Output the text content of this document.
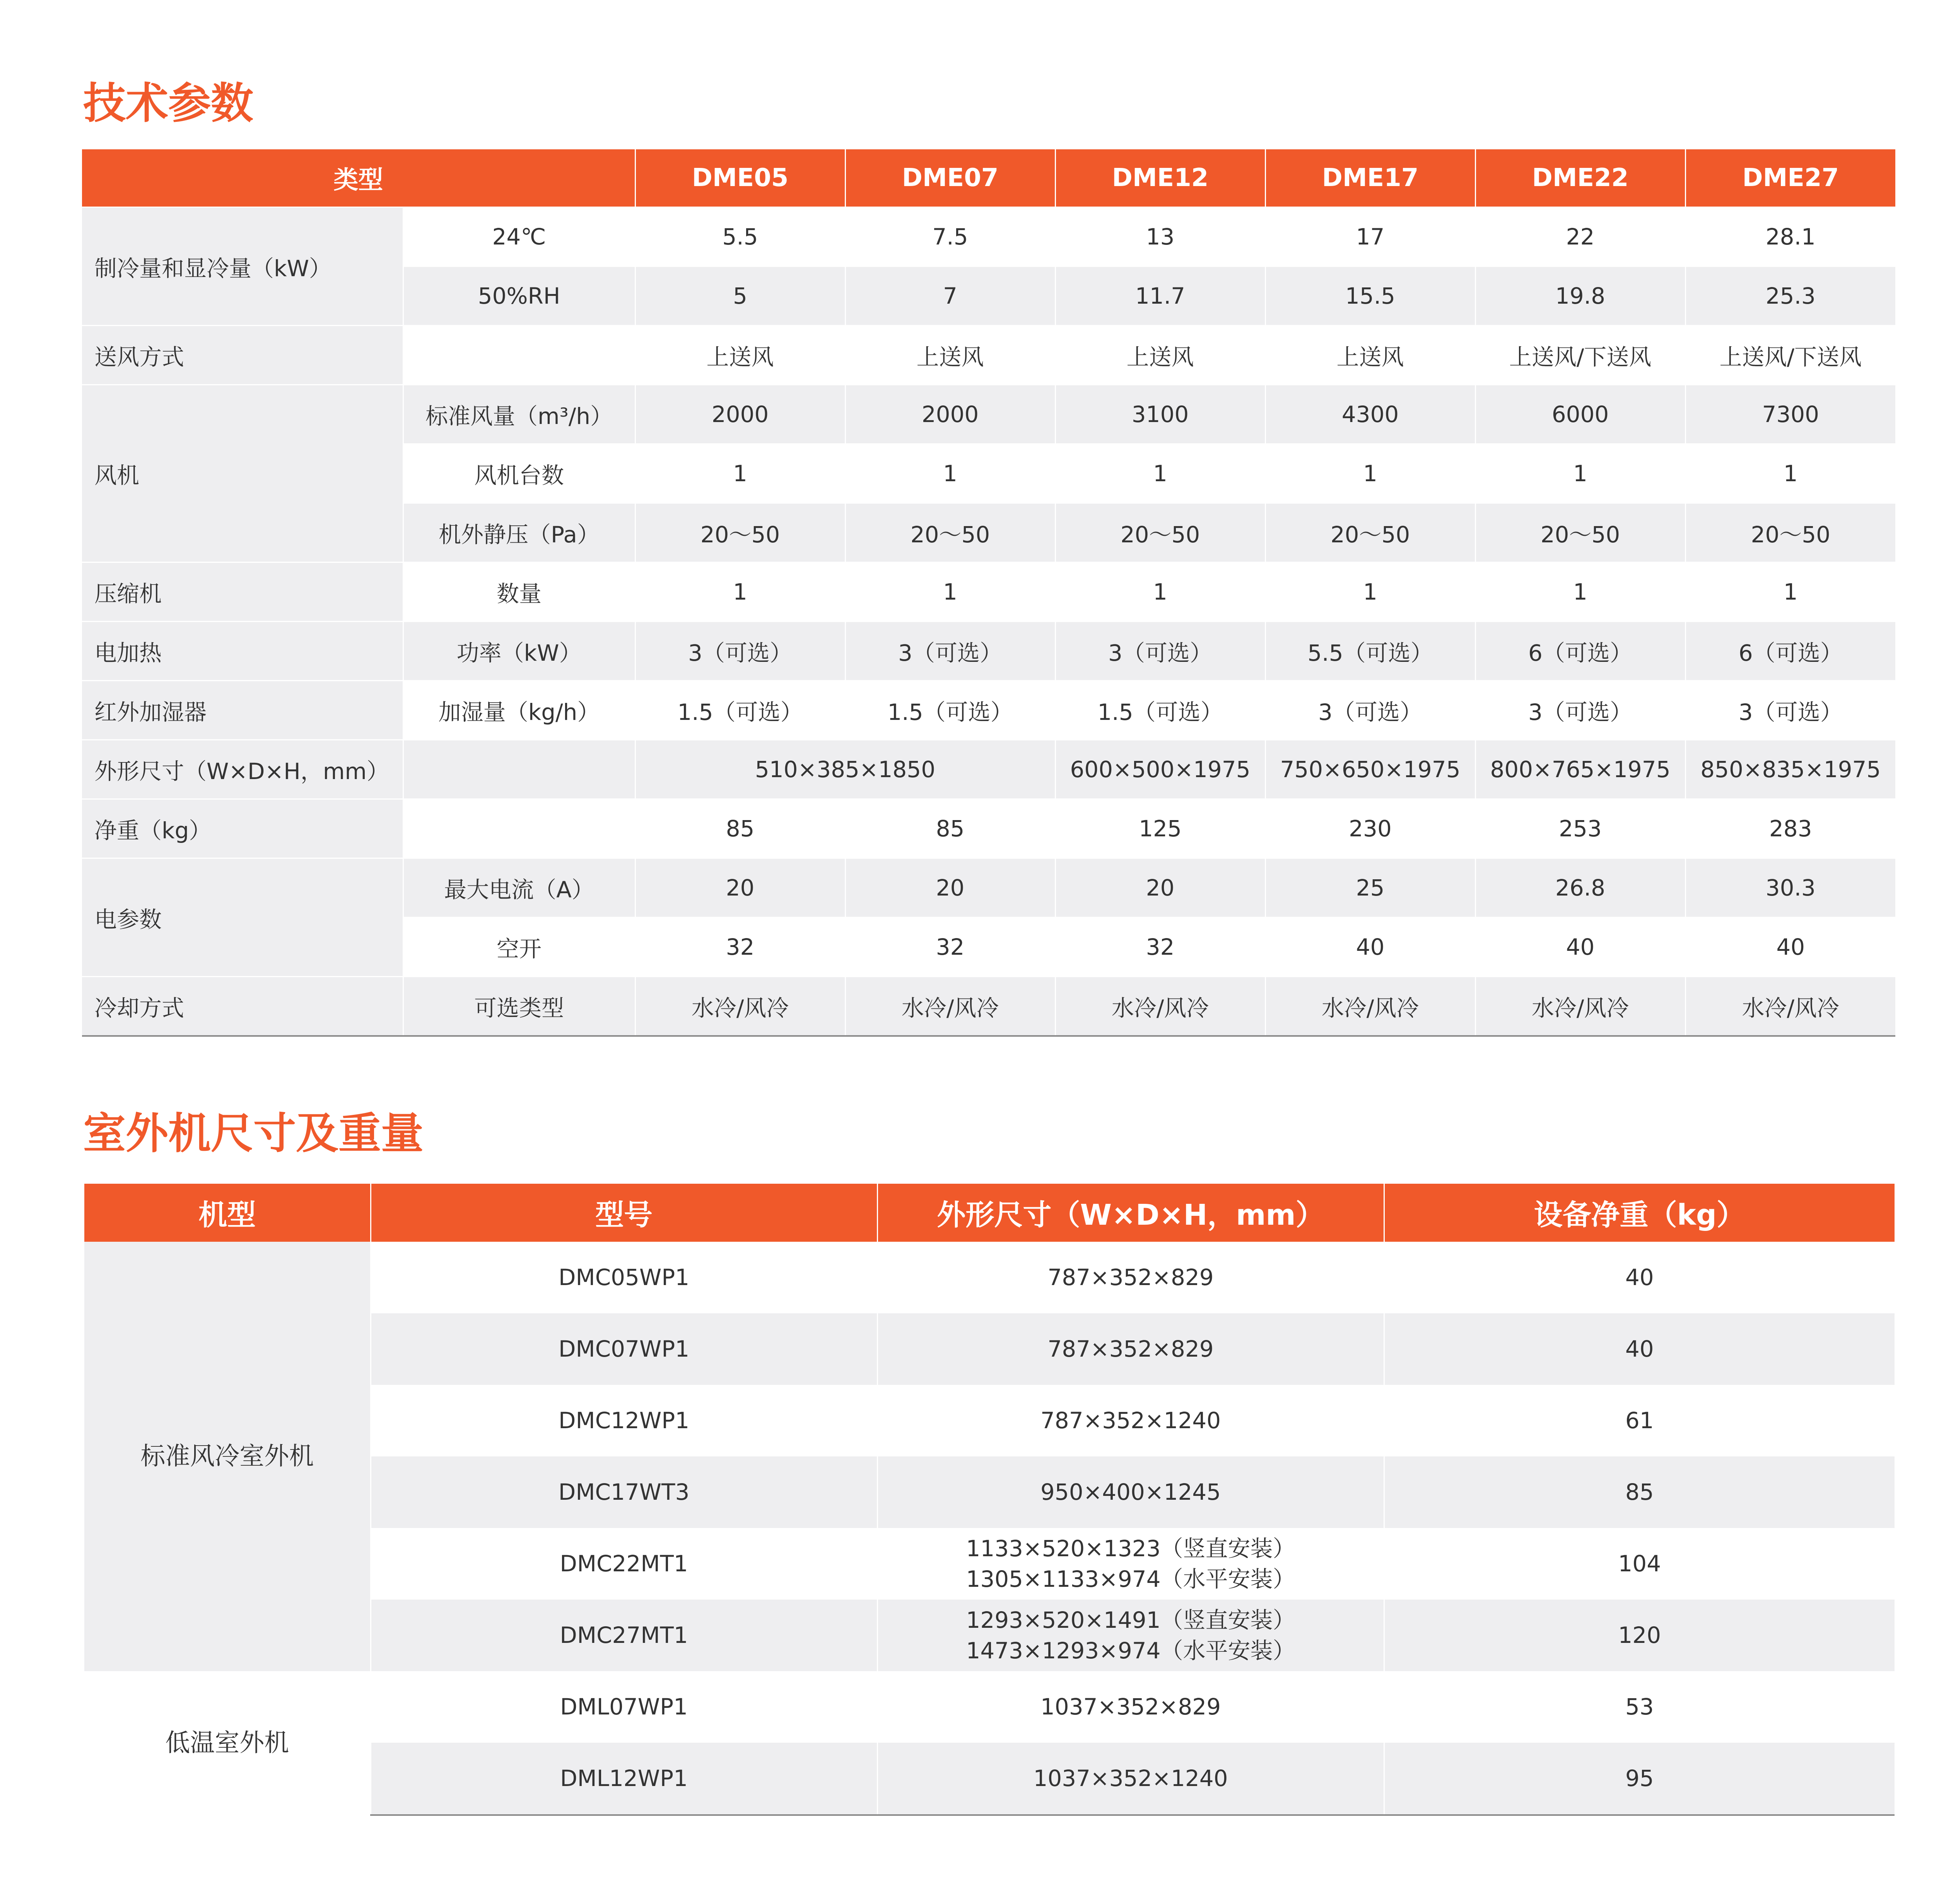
技术参数
类型		DME05	DME07	DME12	DME17	DME22	DME27
制冷量和显冷量（kW）	24℃	5.5	7.5	13	17	22	28.1
	50%RH	5	7	11.7	15.5	19.8	25.3
送风方式		上送风	上送风	上送风	上送风	上送风/下送风	上送风/下送风
风机	标准风量（m³/h）	2000	2000	3100	4300	6000	7300
	风机台数	1	1	1	1	1	1
	机外静压（Pa）	20～50	20～50	20～50	20～50	20～50	20～50
压缩机	数量	1	1	1	1	1	1
电加热	功率（kW）	3（可选）	3（可选）	3（可选）	5.5（可选）	6（可选）	6（可选）
红外加湿器	加湿量（kg/h）	1.5（可选）	1.5（可选）	1.5（可选）	3（可选）	3（可选）	3（可选）
外形尺寸（W×D×H，mm）		510×385×1850		600×500×1975	750×650×1975	800×765×1975	850×835×1975
净重（kg）		85	85	125	230	253	283
电参数	最大电流（A）	20	20	20	25	26.8	30.3
	空开	32	32	32	40	40	40
冷却方式	可选类型	水冷/风冷	水冷/风冷	水冷/风冷	水冷/风冷	水冷/风冷	水冷/风冷
室外机尺寸及重量
机型	型号	外形尺寸（W×D×H，mm）	设备净重（kg）
标准风冷室外机	DMC05WP1	787×352×829	40
	DMC07WP1	787×352×829	40
	DMC12WP1	787×352×1240	61
	DMC17WT3	950×400×1245	85
	DMC22MT1	1133×520×1323（竖直安装）
1305×1133×974（水平安装）	104
	DMC27MT1	1293×520×1491（竖直安装）
1473×1293×974（水平安装）	120
低温室外机	DML07WP1	1037×352×829	53
	DML12WP1	1037×352×1240	95
